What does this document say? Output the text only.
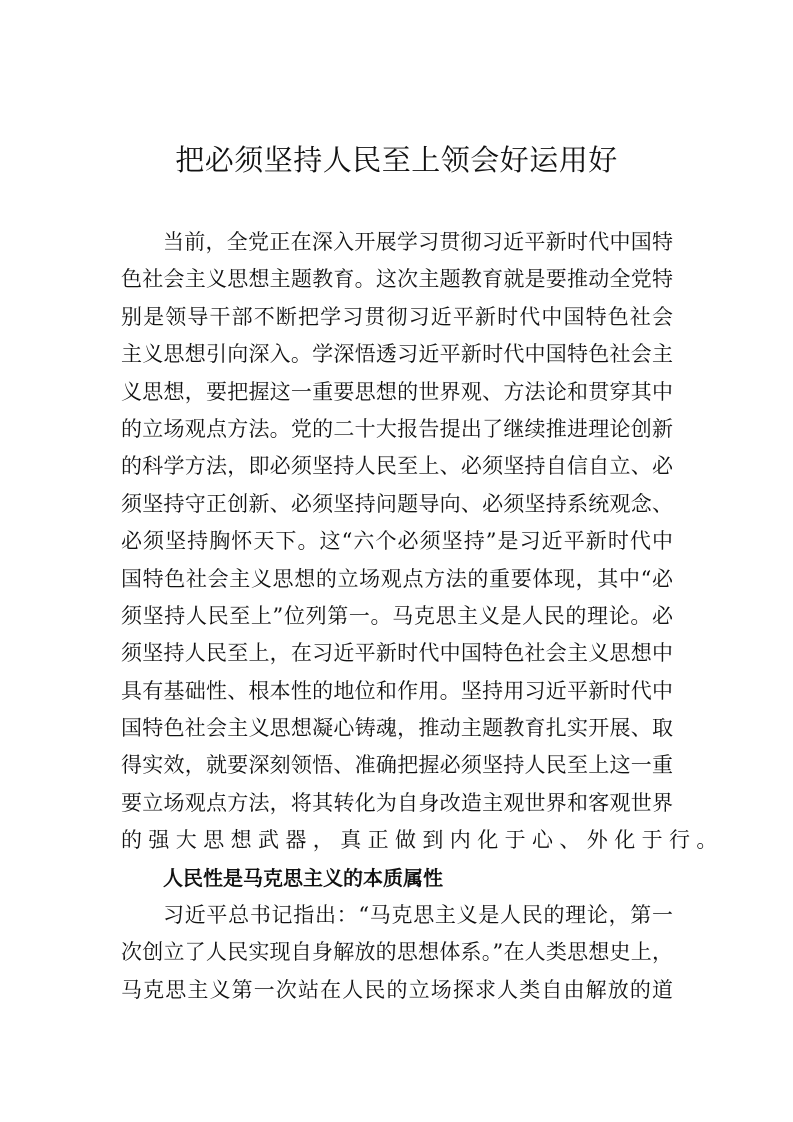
把必须坚持人民至上领会好运用好
当前，全党正在深入开展学习贯彻习近平新时代中国特
色社会主义思想主题教育。这次主题教育就是要推动全党特
别是领导干部不断把学习贯彻习近平新时代中国特色社会
主义思想引向深入。学深悟透习近平新时代中国特色社会主
义思想，要把握这一重要思想的世界观、方法论和贯穿其中
的立场观点方法。党的二十大报告提出了继续推进理论创新
的科学方法，即必须坚持人民至上、必须坚持自信自立、必
须坚持守正创新、必须坚持问题导向、必须坚持系统观念、
必须坚持胸怀天下。这“六个必须坚持”是习近平新时代中
国特色社会主义思想的立场观点方法的重要体现，其中“必
须坚持人民至上”位列第一。马克思主义是人民的理论。必
须坚持人民至上，在习近平新时代中国特色社会主义思想中
具有基础性、根本性的地位和作用。坚持用习近平新时代中
国特色社会主义思想凝心铸魂，推动主题教育扎实开展、取
得实效，就要深刻领悟、准确把握必须坚持人民至上这一重
要立场观点方法，将其转化为自身改造主观世界和客观世界
的强大思想武器，真正做到内化于心、外化于行。
人民性是马克思主义的本质属性
习近平总书记指出：“马克思主义是人民的理论，第一
次创立了人民实现自身解放的思想体系。”在人类思想史上，
马克思主义第一次站在人民的立场探求人类自由解放的道
